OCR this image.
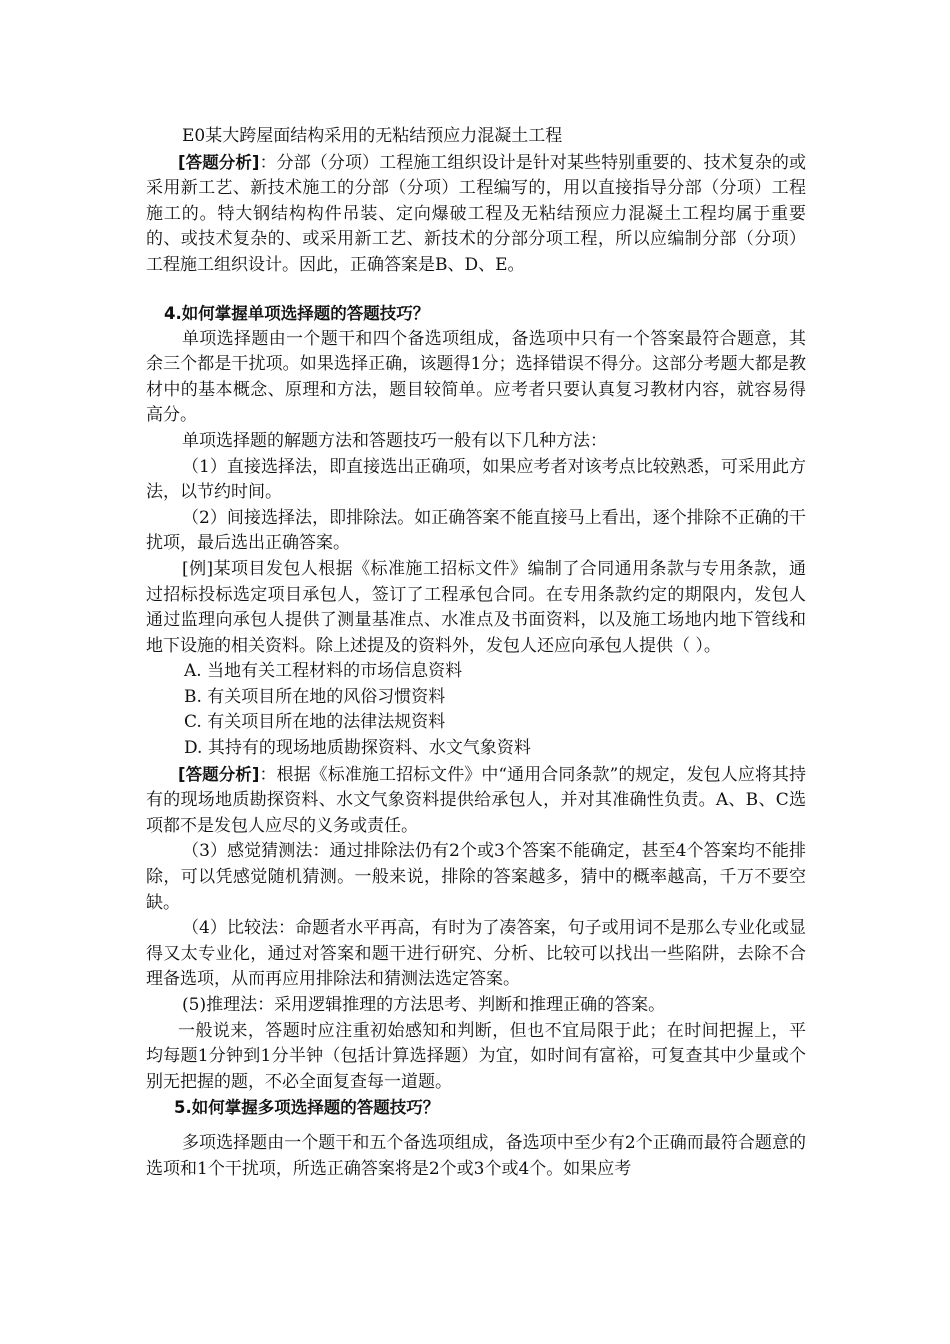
E0某大跨屋面结构采用的无粘结预应力混凝土工程

[答题分析]：分部（分项）工程施工组织设计是针对某些特别重要的、技术复杂的或采用新工艺、新技术施工的分部（分项）工程编写的，用以直接指导分部（分项）工程施工的。特大钢结构构件吊装、定向爆破工程及无粘结预应力混凝土工程均属于重要的、或技术复杂的、或采用新工艺、新技术的分部分项工程，所以应编制分部（分项）工程施工组织设计。因此，正确答案是B、D、E。

4.如何掌握单项选择题的答题技巧？

单项选择题由一个题干和四个备选项组成，备选项中只有一个答案最符合题意，其余三个都是干扰项。如果选择正确，该题得1分；选择错误不得分。这部分考题大都是教材中的基本概念、原理和方法，题目较简单。应考者只要认真复习教材内容，就容易得高分。

单项选择题的解题方法和答题技巧一般有以下几种方法：

（1）直接选择法，即直接选出正确项，如果应考者对该考点比较熟悉，可采用此方法，以节约时间。

（2）间接选择法，即排除法。如正确答案不能直接马上看出，逐个排除不正确的干扰项，最后选出正确答案。

[例]某项目发包人根据《标准施工招标文件》编制了合同通用条款与专用条款，通过招标投标选定项目承包人，签订了工程承包合同。在专用条款约定的期限内，发包人通过监理向承包人提供了测量基准点、水准点及书面资料，以及施工场地内地下管线和地下设施的相关资料。除上述提及的资料外，发包人还应向承包人提供（ ）。

A. 当地有关工程材料的市场信息资料

B. 有关项目所在地的风俗习惯资料

C. 有关项目所在地的法律法规资料

D. 其持有的现场地质勘探资料、水文气象资料

[答题分析]：根据《标准施工招标文件》中“通用合同条款”的规定，发包人应将其持有的现场地质勘探资料、水文气象资料提供给承包人，并对其准确性负责。A、B、C选项都不是发包人应尽的义务或责任。

（3）感觉猜测法：通过排除法仍有2个或3个答案不能确定，甚至4个答案均不能排除，可以凭感觉随机猜测。一般来说，排除的答案越多，猜中的概率越高，千万不要空缺。

（4）比较法：命题者水平再高，有时为了凑答案，句子或用词不是那么专业化或显得又太专业化，通过对答案和题干进行研究、分析、比较可以找出一些陷阱，去除不合理备选项，从而再应用排除法和猜测法选定答案。

(5)推理法：采用逻辑推理的方法思考、判断和推理正确的答案。

一般说来，答题时应注重初始感知和判断，但也不宜局限于此；在时间把握上，平均每题1分钟到1分半钟（包括计算选择题）为宜，如时间有富裕，可复查其中少量或个别无把握的题，不必全面复查每一道题。

5.如何掌握多项选择题的答题技巧？

多项选择题由一个题干和五个备选项组成，备选项中至少有2个正确而最符合题意的选项和1个干扰项，所选正确答案将是2个或3个或4个。如果应考
